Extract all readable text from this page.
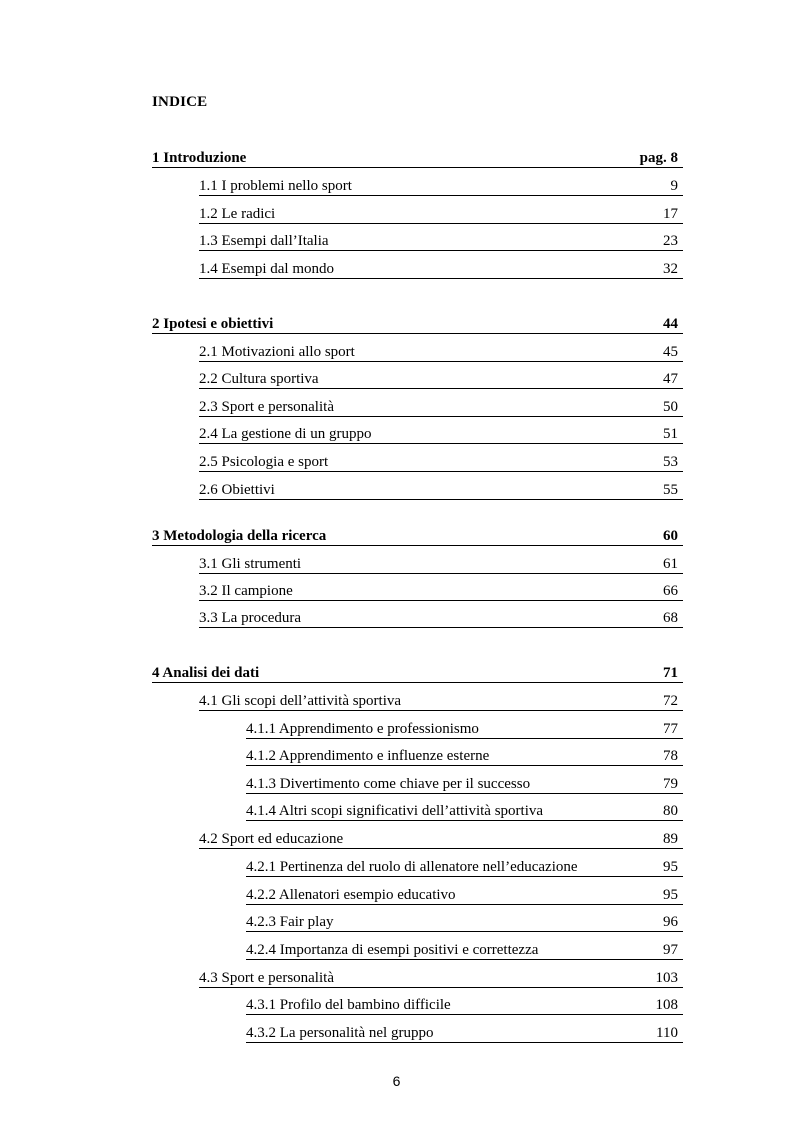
INDICE
1 Introduzione	pag. 8
1.1 I problemi nello sport	9
1.2 Le radici	17
1.3 Esempi dall’Italia	23
1.4 Esempi dal mondo	32
2 Ipotesi e obiettivi	44
2.1 Motivazioni allo sport	45
2.2 Cultura sportiva	47
2.3 Sport e personalità	50
2.4 La gestione di un gruppo	51
2.5 Psicologia e sport	53
2.6 Obiettivi	55
3 Metodologia della ricerca	60
3.1 Gli strumenti	61
3.2 Il campione	66
3.3 La procedura	68
4 Analisi dei dati	71
4.1 Gli scopi dell’attività sportiva	72
4.1.1 Apprendimento e professionismo	77
4.1.2 Apprendimento e influenze esterne	78
4.1.3 Divertimento come chiave per il successo	79
4.1.4 Altri scopi significativi dell’attività sportiva	80
4.2 Sport ed educazione	89
4.2.1 Pertinenza del ruolo di allenatore nell’educazione	95
4.2.2 Allenatori esempio educativo	95
4.2.3 Fair play	96
4.2.4 Importanza di esempi positivi e correttezza	97
4.3 Sport e personalità	103
4.3.1 Profilo del bambino difficile	108
4.3.2 La personalità nel gruppo	110
6
